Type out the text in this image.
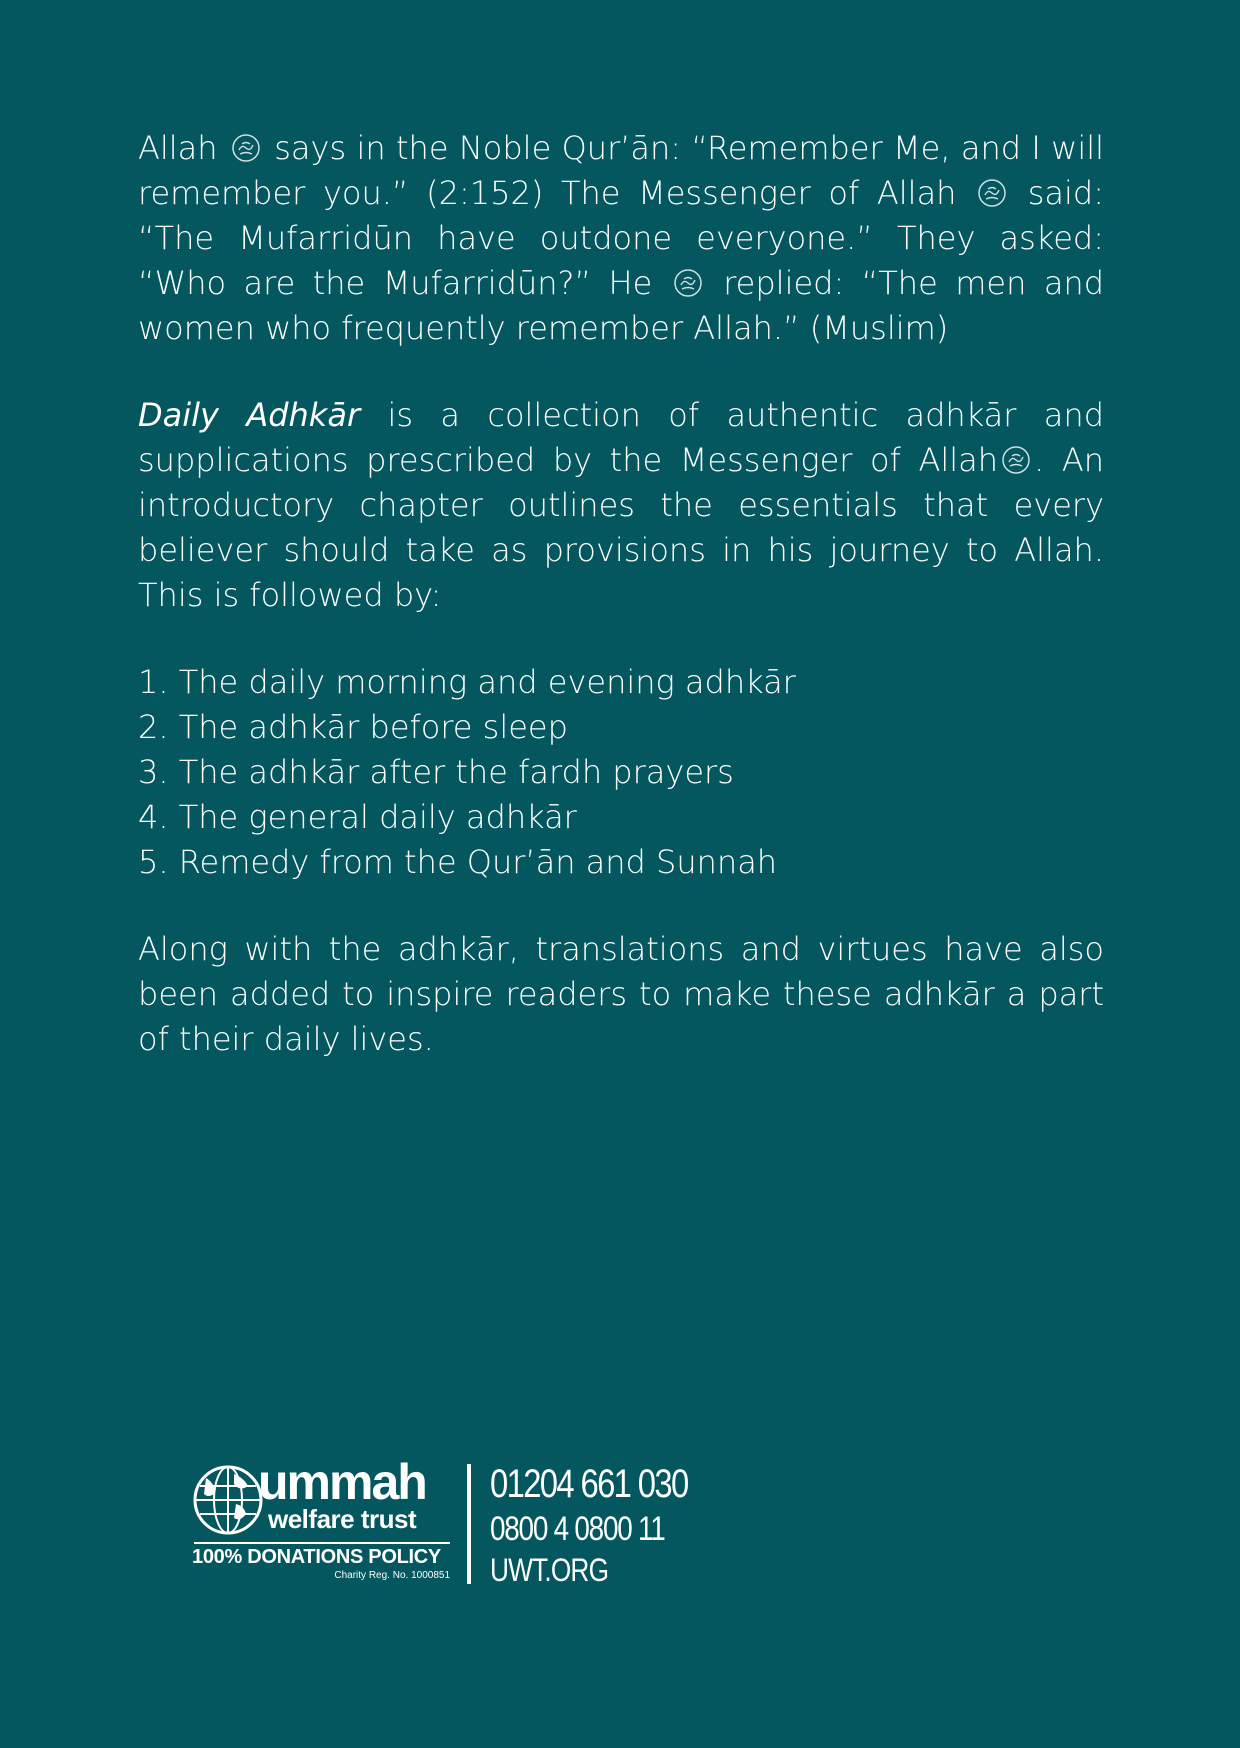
Allah says in the Noble Qur’ān: “Remember Me, and I will remember you.” (2:152) The Messenger of Allah said: “The Mufarridūn have outdone everyone.” They asked: “Who are the Mufarridūn?” He replied: “The men and women who frequently remember Allah.” (Muslim)

Daily Adhkār is a collection of authentic adhkār and supplications prescribed by the Messenger of Allah . An introductory chapter outlines the essentials that every believer should take as provisions in his journey to Allah. This is followed by:

1. The daily morning and evening adhkār
2. The adhkār before sleep
3. The adhkār after the fardh prayers
4. The general daily adhkār
5. Remedy from the Qur’ān and Sunnah

Along with the adhkār, translations and virtues have also been added to inspire readers to make these adhkār a part of their daily lives.

ummah
welfare trust
100% DONATIONS POLICY
Charity Reg. No. 1000851
01204 661 030
0800 4 0800 11
UWT.ORG
